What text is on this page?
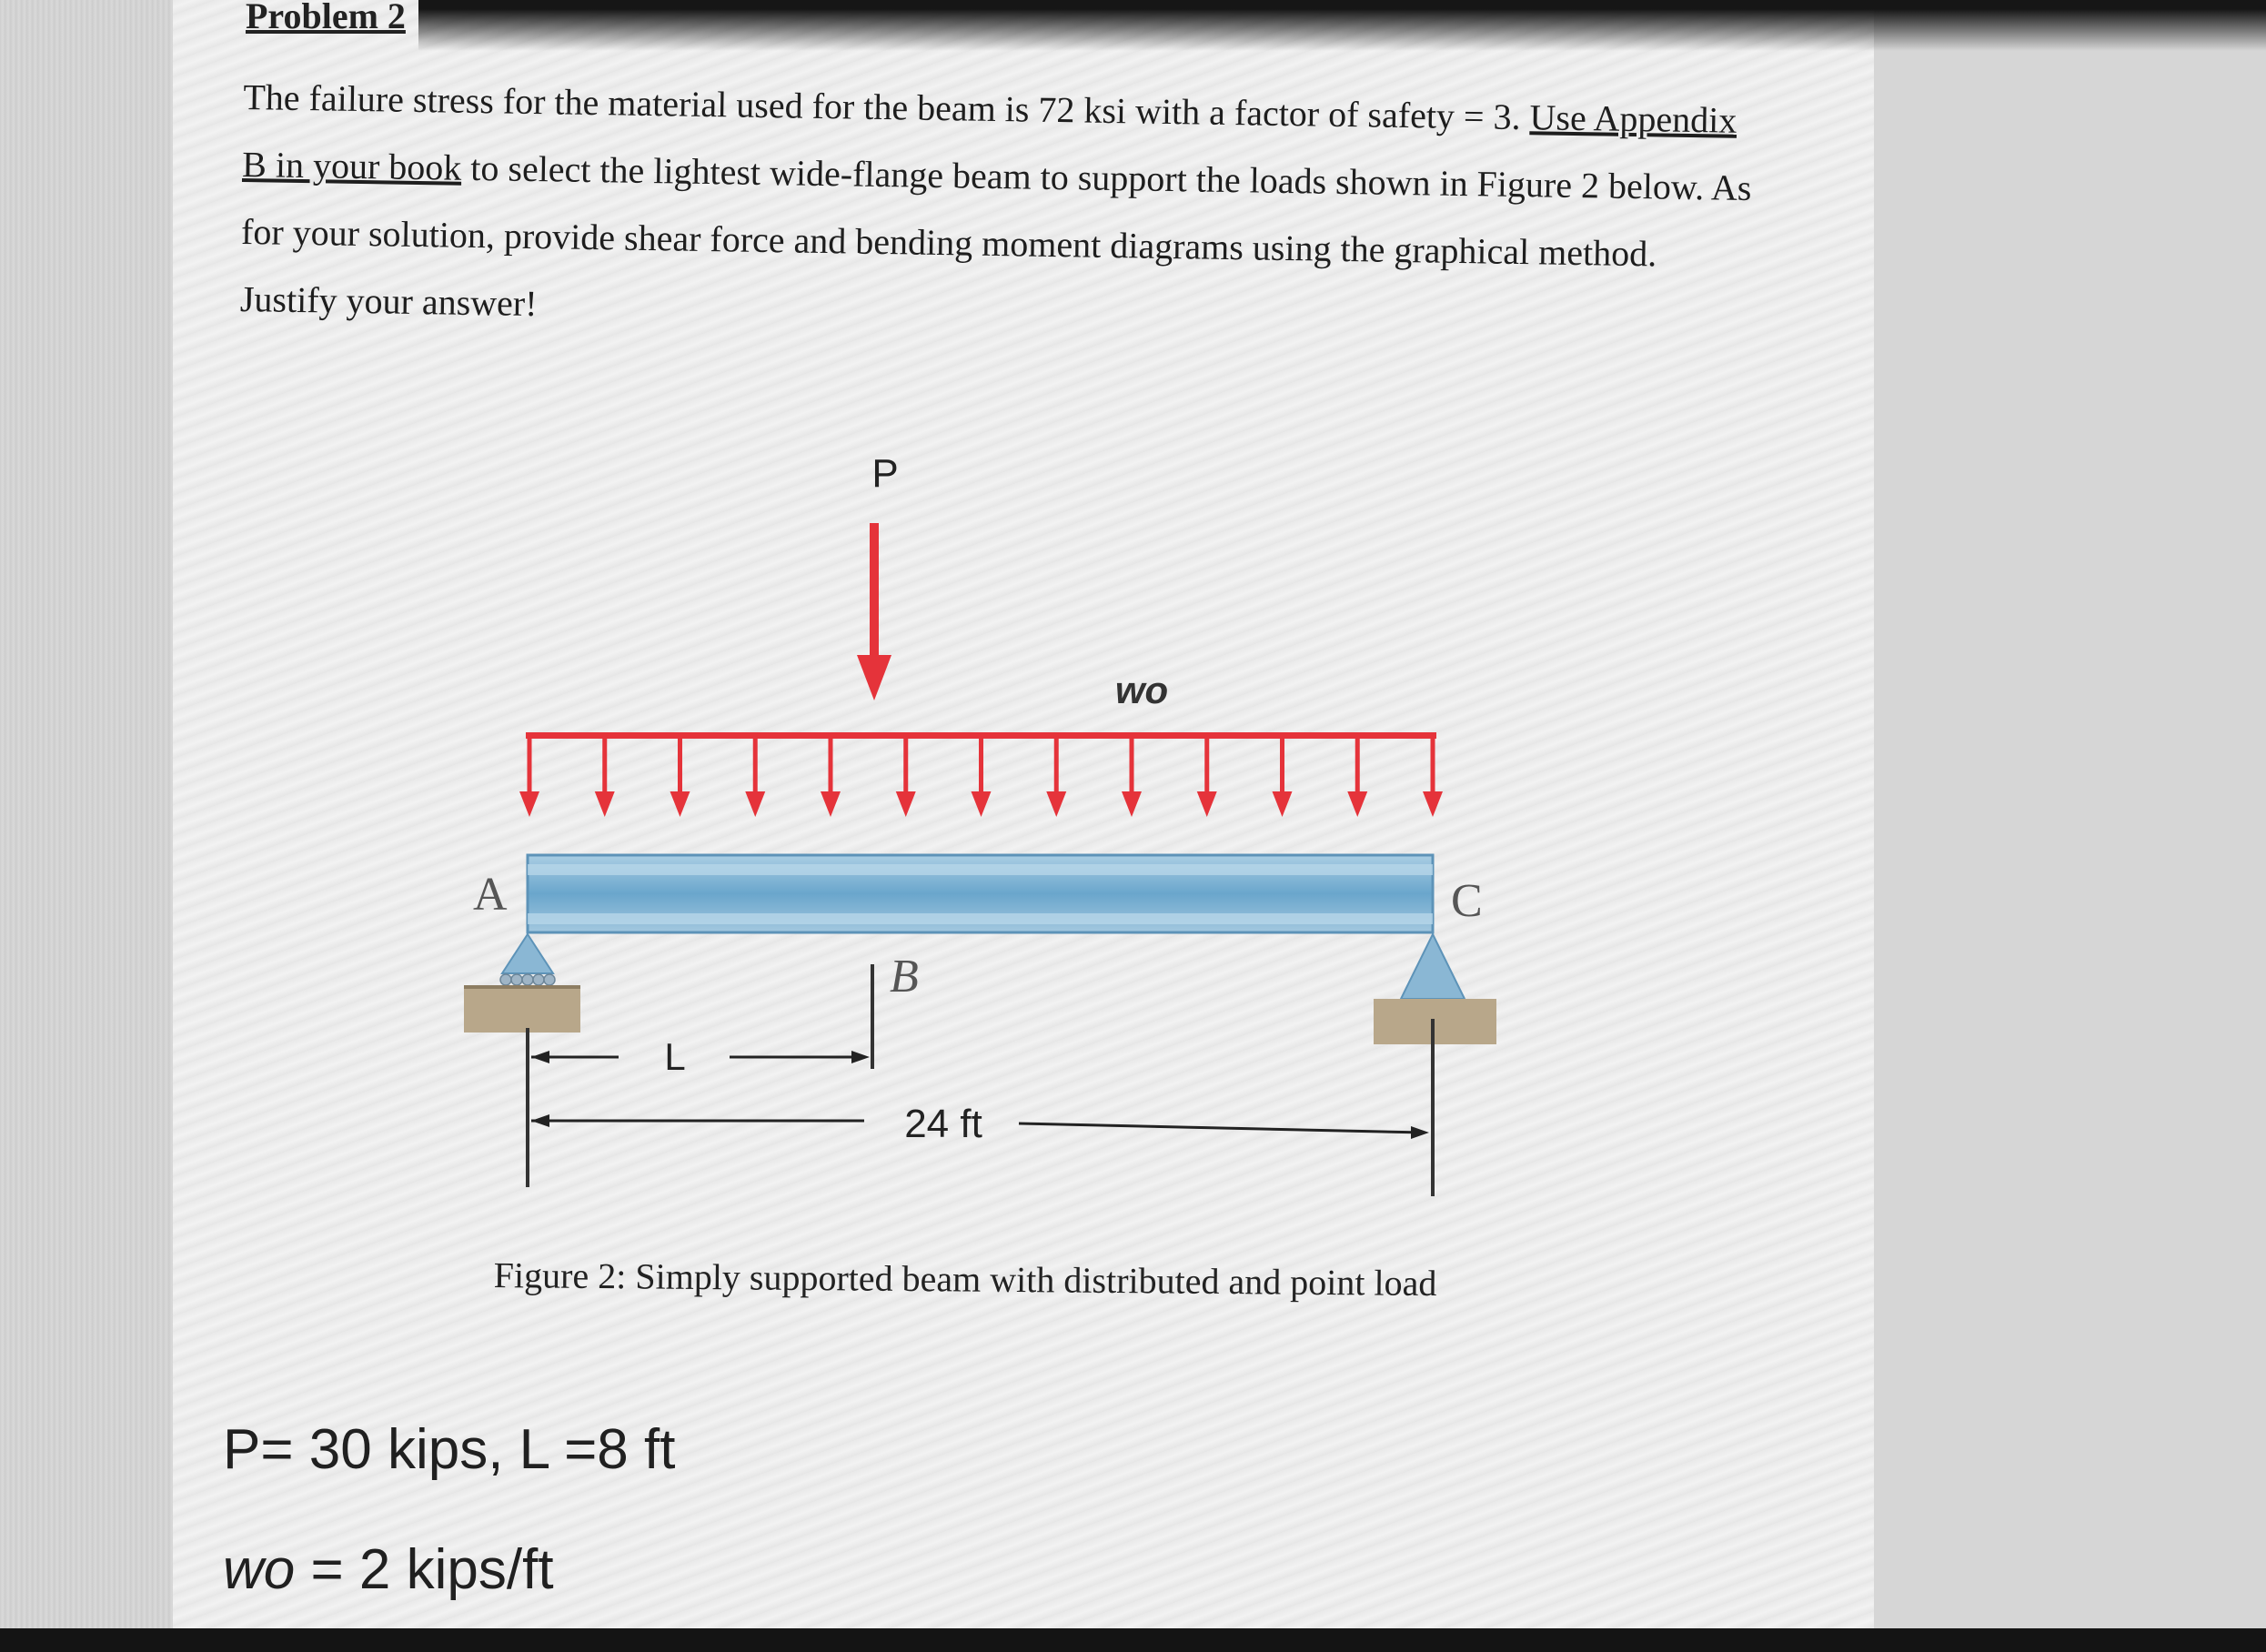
Problem 2
The failure stress for the material used for the beam is 72 ksi with a factor of safety = 3. Use Appendix B in your book to select the lightest wide-flange beam to support the loads shown in Figure 2 below. As for your solution, provide shear force and bending moment diagrams using the graphical method. Justify your answer!
L
24 ft
P
wo
A	C
B
Figure 2: Simply supported beam with distributed and point load
P= 30 kips, L =8 ft
wo = 2 kips/ft
